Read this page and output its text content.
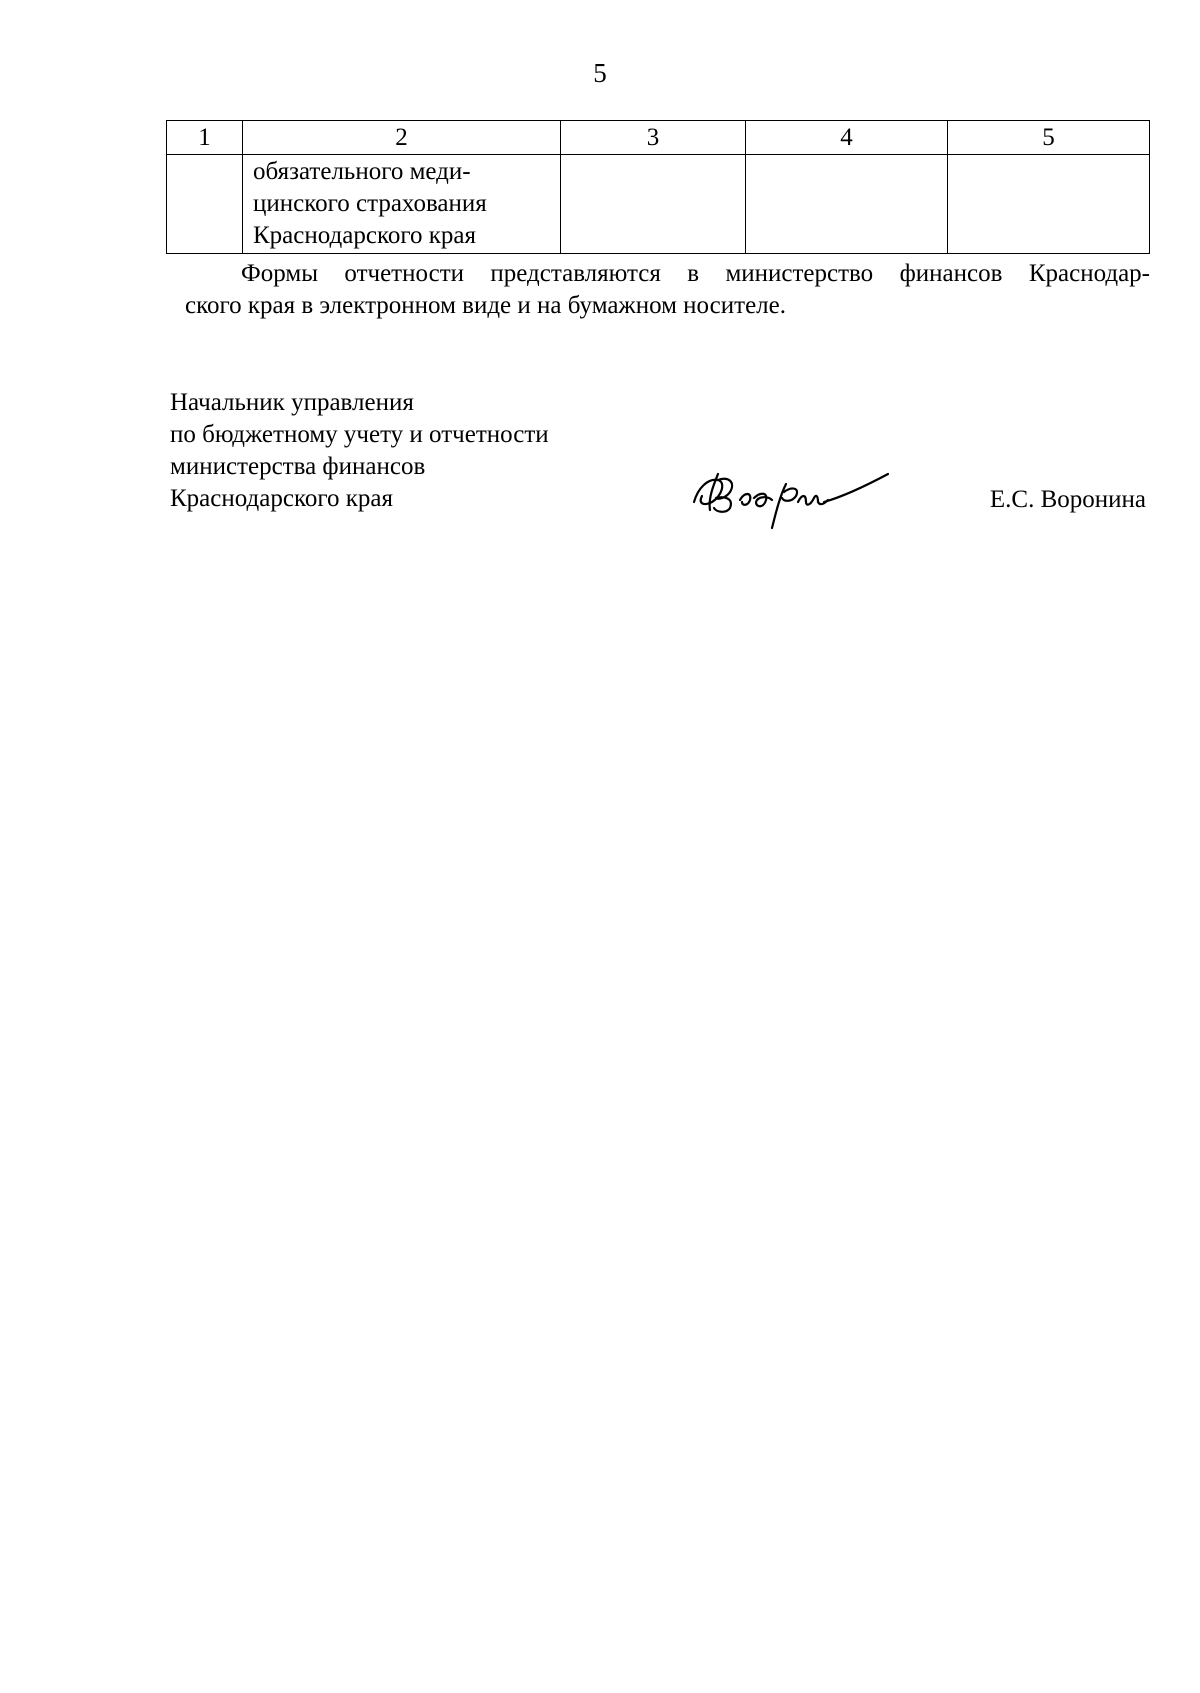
5
1	2	3	4	5

	обязательного меди-
цинского страхования
Краснодарского края			

Формы отчетности представляются в министерство финансов Краснодар-
ского края в электронном виде и на бумажном носителе.
Начальник управления
по бюджетному учету и отчетности
министерства финансов
Краснодарского края	Е.С. Воронина
